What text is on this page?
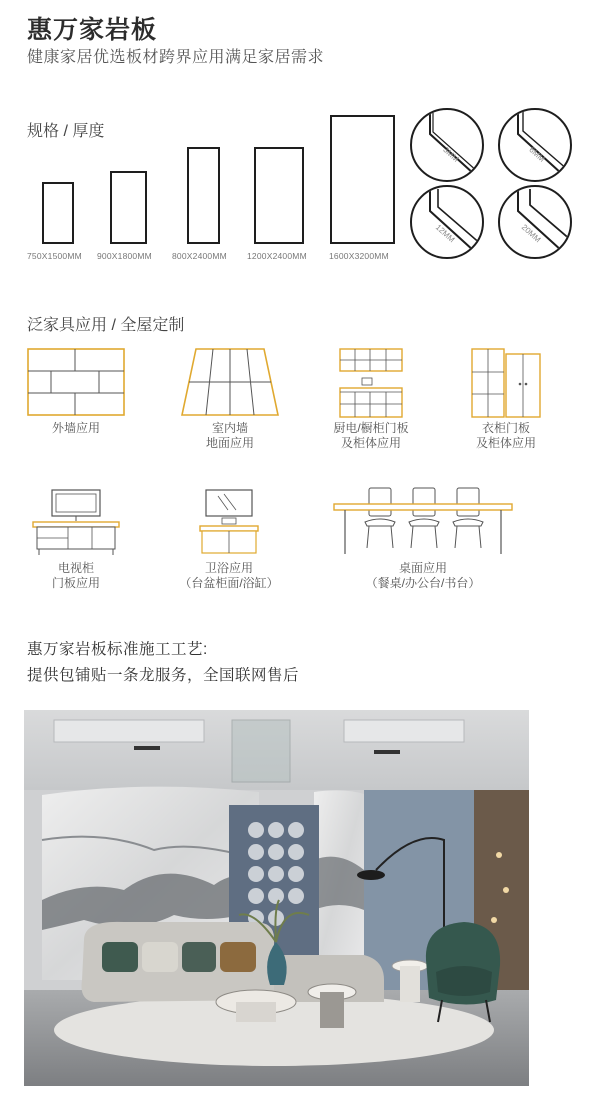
惠万家岩板
健康家居优选板材跨界应用满足家居需求
规格 / 厚度
750X1500MM 900X1800MM 800X2400MM 1200X2400MM	1600X3200MM
3MM	6MM
12MM	20MM
泛家具应用 / 全屋定制
外墙应用	室内墙
地面应用
厨电/橱柜门板
及柜体应用
衣柜门板
及柜体应用
电视柜
门板应用
卫浴应用
（台盆柜面/浴缸）
桌面应用
（餐桌/办公台/书台）
惠万家岩板标准施工工艺:
提供包铺贴一条龙服务，全国联网售后
